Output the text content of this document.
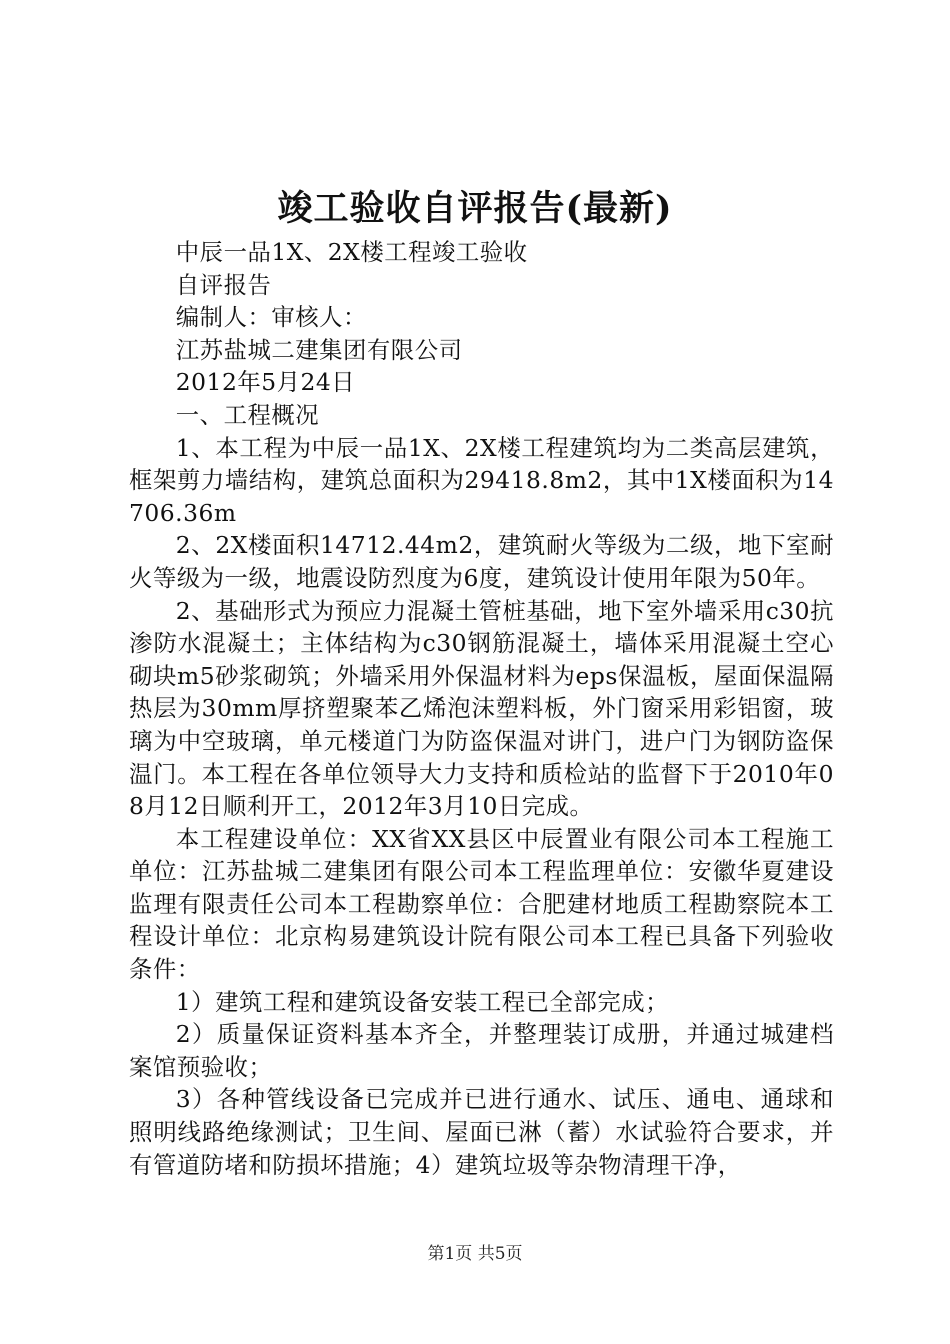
竣工验收自评报告(最新)

中辰一品1X、2X楼工程竣工验收

自评报告

编制人：审核人：

江苏盐城二建集团有限公司

2012年5月24日

一、工程概况

1、本工程为中辰一品1X、2X楼工程建筑均为二类高层建筑，框架剪力墙结构，建筑总面积为29418.8m2，其中1X楼面积为14706.36m

2、2X楼面积14712.44m2，建筑耐火等级为二级，地下室耐火等级为一级，地震设防烈度为6度，建筑设计使用年限为50年。

2、基础形式为预应力混凝土管桩基础，地下室外墙采用c30抗渗防水混凝土；主体结构为c30钢筋混凝土，墙体采用混凝土空心砌块m5砂浆砌筑；外墙采用外保温材料为eps保温板，屋面保温隔热层为30mm厚挤塑聚苯乙烯泡沫塑料板，外门窗采用彩铝窗，玻璃为中空玻璃，单元楼道门为防盗保温对讲门，进户门为钢防盗保温门。本工程在各单位领导大力支持和质检站的监督下于2010年08月12日顺利开工，2012年3月10日完成。

本工程建设单位：XX省XX县区中辰置业有限公司本工程施工单位：江苏盐城二建集团有限公司本工程监理单位：安徽华夏建设监理有限责任公司本工程勘察单位：合肥建材地质工程勘察院本工程设计单位：北京构易建筑设计院有限公司本工程已具备下列验收条件：

1）建筑工程和建筑设备安装工程已全部完成；

2）质量保证资料基本齐全，并整理装订成册，并通过城建档案馆预验收；

3）各种管线设备已完成并已进行通水、试压、通电、通球和照明线路绝缘测试；卫生间、屋面已淋（蓄）水试验符合要求，并有管道防堵和防损坏措施；4）建筑垃圾等杂物清理干净，

第1页 共5页
